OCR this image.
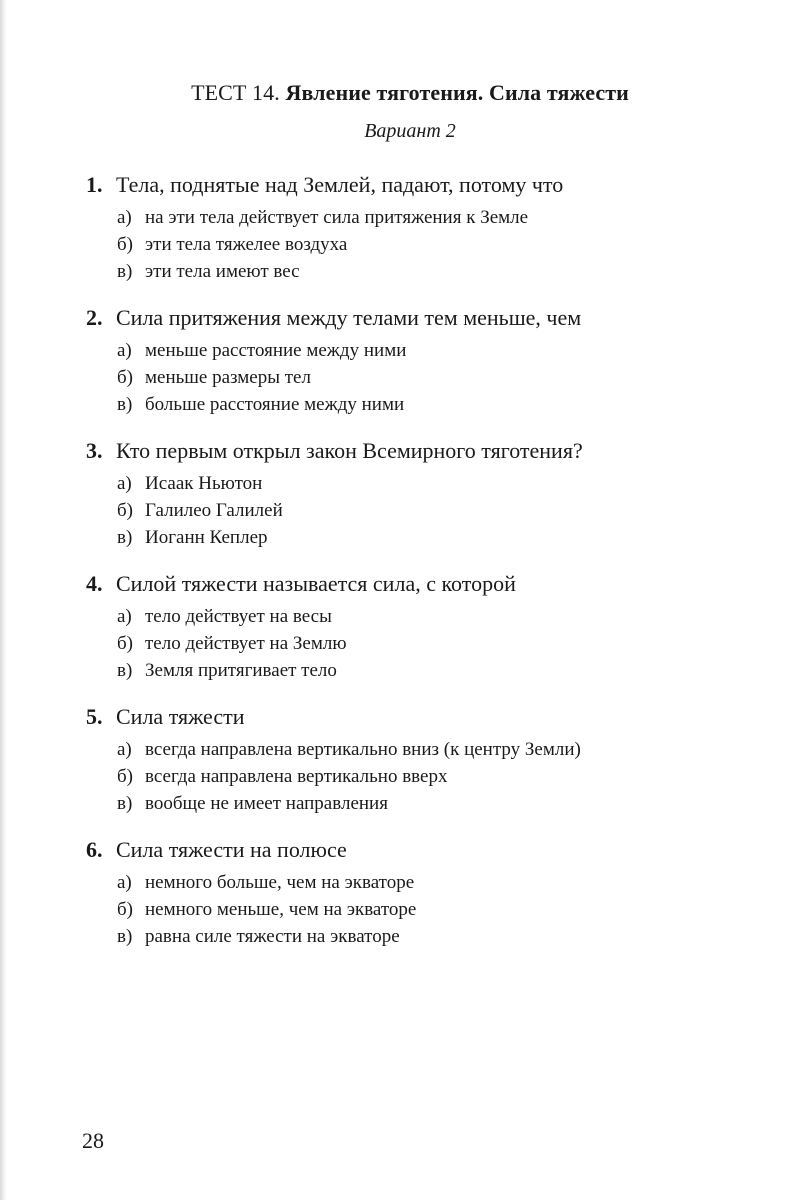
ТЕСТ 14. Явление тяготения. Сила тяжести
Вариант 2
1. Тела, поднятые над Землей, падают, потому что
а) на эти тела действует сила притяжения к Земле
б) эти тела тяжелее воздуха
в) эти тела имеют вес
2. Сила притяжения между телами тем меньше, чем
а) меньше расстояние между ними
б) меньше размеры тел
в) больше расстояние между ними
3. Кто первым открыл закон Всемирного тяготения?
а) Исаак Ньютон
б) Галилео Галилей
в) Иоганн Кеплер
4. Силой тяжести называется сила, с которой
а) тело действует на весы
б) тело действует на Землю
в) Земля притягивает тело
5. Сила тяжести
а) всегда направлена вертикально вниз (к центру Земли)
б) всегда направлена вертикально вверх
в) вообще не имеет направления
6. Сила тяжести на полюсе
а) немного больше, чем на экваторе
б) немного меньше, чем на экваторе
в) равна силе тяжести на экваторе
28
